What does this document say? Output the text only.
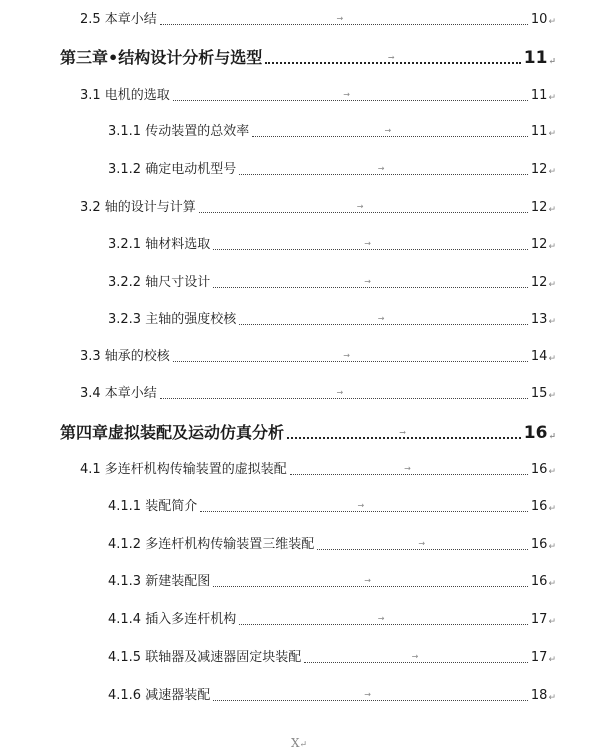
2.5 本章小结	→	10 ↵
第三章•结构设计分析与选型	→	11 ↵
3.1 电机的选取	→	11 ↵
3.1.1 传动装置的总效率	→	11 ↵
3.1.2 确定电动机型号	→	12 ↵
3.2 轴的设计与计算	→	12 ↵
3.2.1 轴材料选取	→	12 ↵
3.2.2 轴尺寸设计	→	12 ↵
3.2.3 主轴的强度校核	→	13 ↵
3.3 轴承的校核	→	14 ↵
3.4 本章小结	→	15 ↵
第四章虚拟装配及运动仿真分析	→	16 ↵
4.1 多连杆机构传输装置的虚拟装配	→	16 ↵
4.1.1 装配简介	→	16 ↵
4.1.2 多连杆机构传输装置三维装配	→	16 ↵
4.1.3 新建装配图	→	16 ↵
4.1.4 插入多连杆机构	→	17 ↵
4.1.5 联轴器及减速器固定块装配	→	17 ↵
4.1.6 减速器装配	→	18 ↵
X↵
